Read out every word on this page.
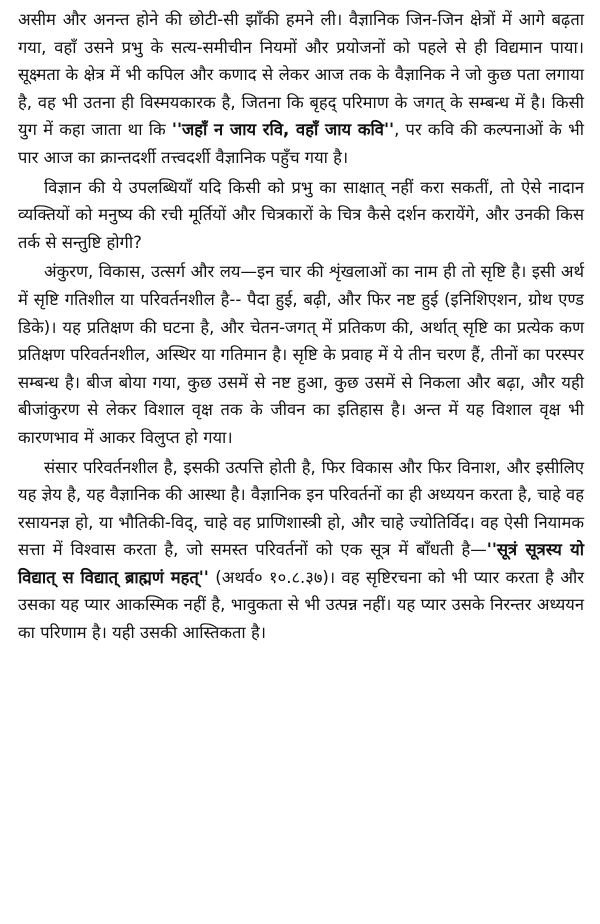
असीम और अनन्त होने की छोटी-सी झाँकी हमने ली। वैज्ञानिक जिन-जिन क्षेत्रों में आगे बढ़ता गया, वहाँ उसने प्रभु के सत्य-समीचीन नियमों और प्रयोजनों को पहले से ही विद्यमान पाया। सूक्ष्मता के क्षेत्र में भी कपिल और कणाद से लेकर आज तक के वैज्ञानिक ने जो कुछ पता लगाया है, वह भी उतना ही विस्मयकारक है, जितना कि बृहद् परिमाण के जगत् के सम्बन्ध में है। किसी युग में कहा जाता था कि ''जहाँ न जाय रवि, वहाँ जाय कवि'', पर कवि की कल्पनाओं के भी पार आज का क्रान्तदर्शी तत्त्वदर्शी वैज्ञानिक पहुँच गया है।

विज्ञान की ये उपलब्धियाँ यदि किसी को प्रभु का साक्षात् नहीं करा सकतीं, तो ऐसे नादान व्यक्तियों को मनुष्य की रची मूर्तियों और चित्रकारों के चित्र कैसे दर्शन करायेंगे, और उनकी किस तर्क से सन्तुष्टि होगी?

अंकुरण, विकास, उत्सर्ग और लय—इन चार की शृंखलाओं का नाम ही तो सृष्टि है। इसी अर्थ में सृष्टि गतिशील या परिवर्तनशील है-- पैदा हुई, बढ़ी, और फिर नष्ट हुई (इनिशिएशन, ग्रोथ एण्ड डिके)। यह प्रतिक्षण की घटना है, और चेतन-जगत् में प्रतिकण की, अर्थात् सृष्टि का प्रत्येक कण प्रतिक्षण परिवर्तनशील, अस्थिर या गतिमान है। सृष्टि के प्रवाह में ये तीन चरण हैं, तीनों का परस्पर सम्बन्ध है। बीज बोया गया, कुछ उसमें से नष्ट हुआ, कुछ उसमें से निकला और बढ़ा, और यही बीजांकुरण से लेकर विशाल वृक्ष तक के जीवन का इतिहास है। अन्त में यह विशाल वृक्ष भी कारणभाव में आकर विलुप्त हो गया।

संसार परिवर्तनशील है, इसकी उत्पत्ति होती है, फिर विकास और फिर विनाश, और इसीलिए यह ज्ञेय है, यह वैज्ञानिक की आस्था है। वैज्ञानिक इन परिवर्तनों का ही अध्ययन करता है, चाहे वह रसायनज्ञ हो, या भौतिकी-विद्, चाहे वह प्राणिशास्त्री हो, और चाहे ज्योतिर्विद। वह ऐसी नियामक सत्ता में विश्वास करता है, जो समस्त परिवर्तनों को एक सूत्र में बाँधती है—''सूत्रं सूत्रस्य यो विद्यात् स विद्यात् ब्राह्मणं महत्'' (अथर्व० १०.८.३७)। वह सृष्टिरचना को भी प्यार करता है और उसका यह प्यार आकस्मिक नहीं है, भावुकता से भी उत्पन्न नहीं। यह प्यार उसके निरन्तर अध्ययन का परिणाम है। यही उसकी आस्तिकता है।
